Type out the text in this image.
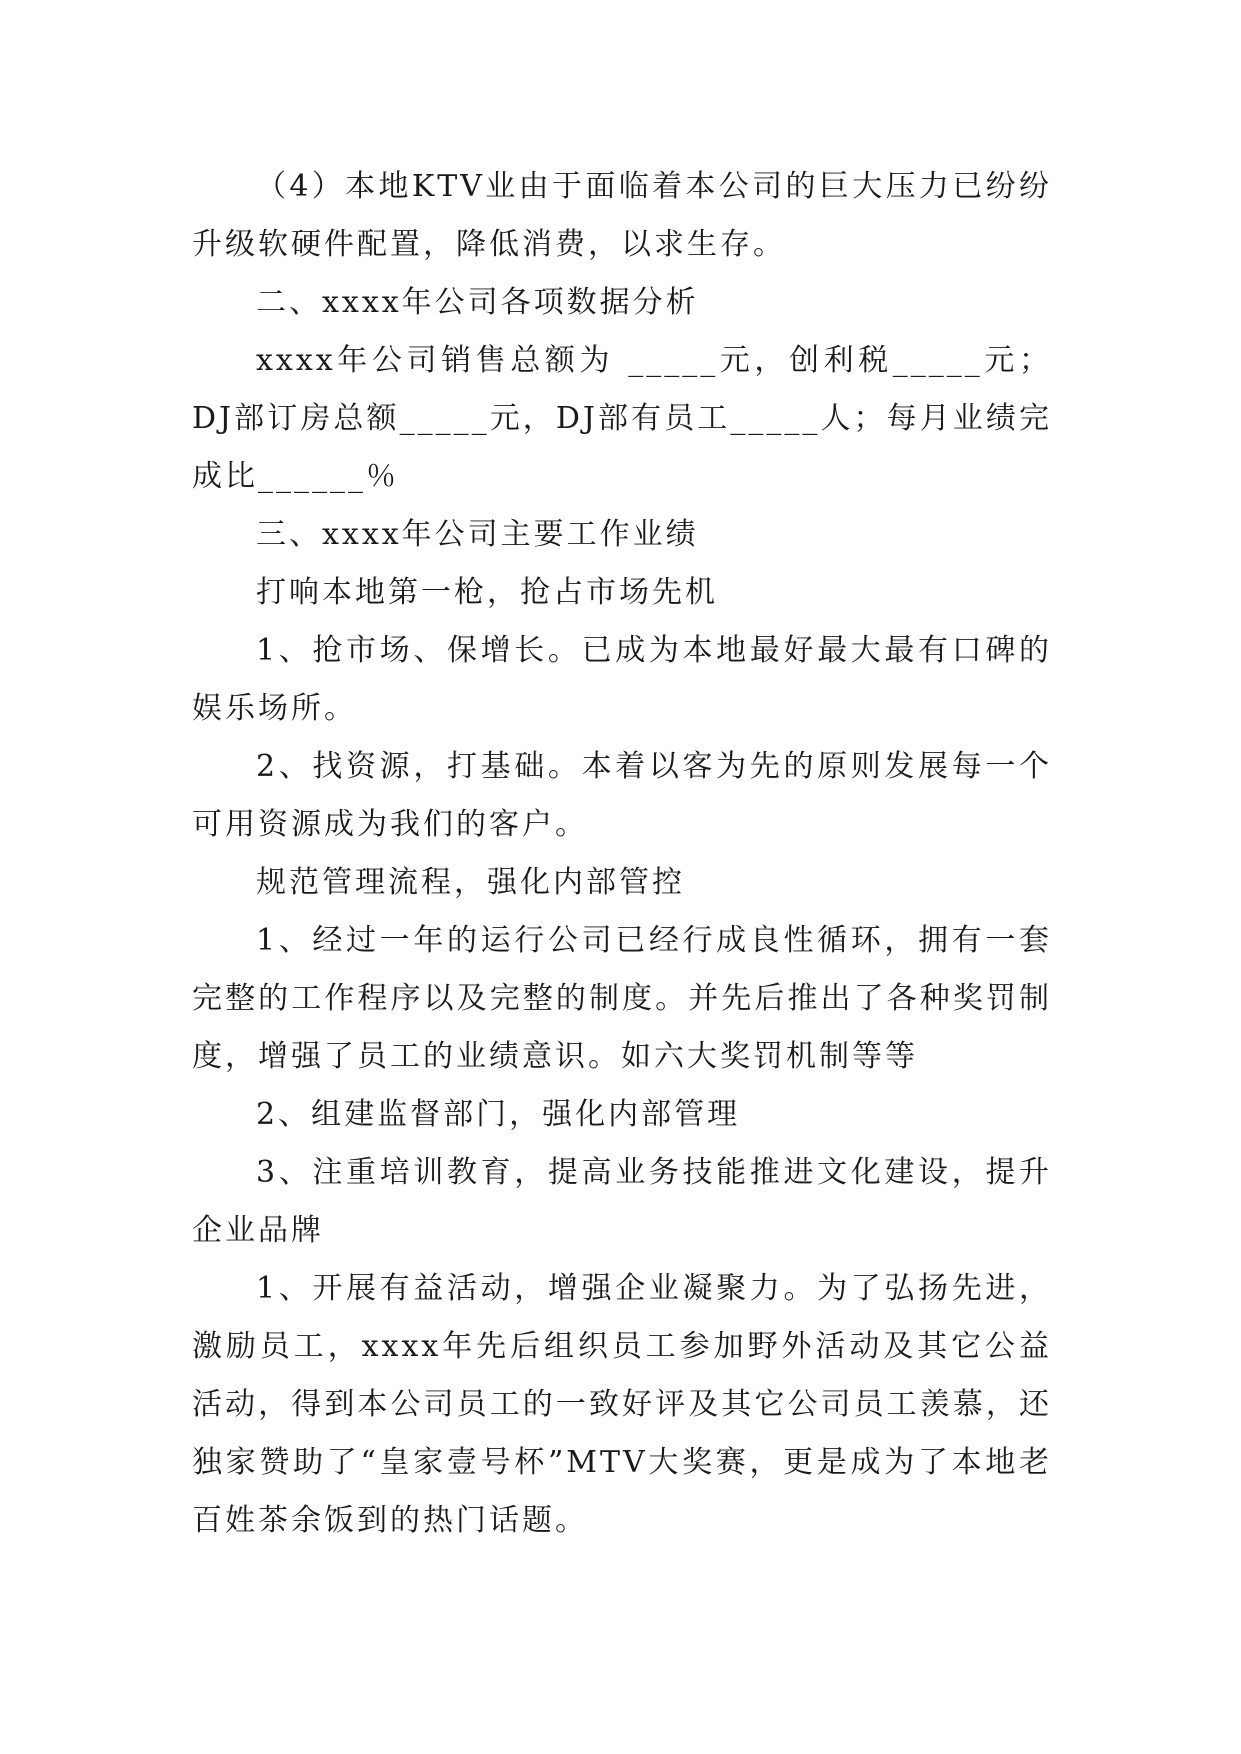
（4）本地KTV业由于面临着本公司的巨大压力已纷纷升级软硬件配置，降低消费，以求生存。

二、xxxx年公司各项数据分析

xxxx年公司销售总额为 _____元，创利税_____元；DJ部订房总额_____元，DJ部有员工_____人；每月业绩完成比______％

三、xxxx年公司主要工作业绩

打响本地第一枪，抢占市场先机

1、抢市场、保增长。已成为本地最好最大最有口碑的娱乐场所。

2、找资源，打基础。本着以客为先的原则发展每一个可用资源成为我们的客户。

规范管理流程，强化内部管控

1、经过一年的运行公司已经行成良性循环，拥有一套完整的工作程序以及完整的制度。并先后推出了各种奖罚制度，增强了员工的业绩意识。如六大奖罚机制等等

2、组建监督部门，强化内部管理

3、注重培训教育，提高业务技能推进文化建设，提升企业品牌

1、开展有益活动，增强企业凝聚力。为了弘扬先进，激励员工，xxxx年先后组织员工参加野外活动及其它公益活动，得到本公司员工的一致好评及其它公司员工羡慕，还独家赞助了“皇家壹号杯”MTV大奖赛，更是成为了本地老百姓茶余饭到的热门话题。
